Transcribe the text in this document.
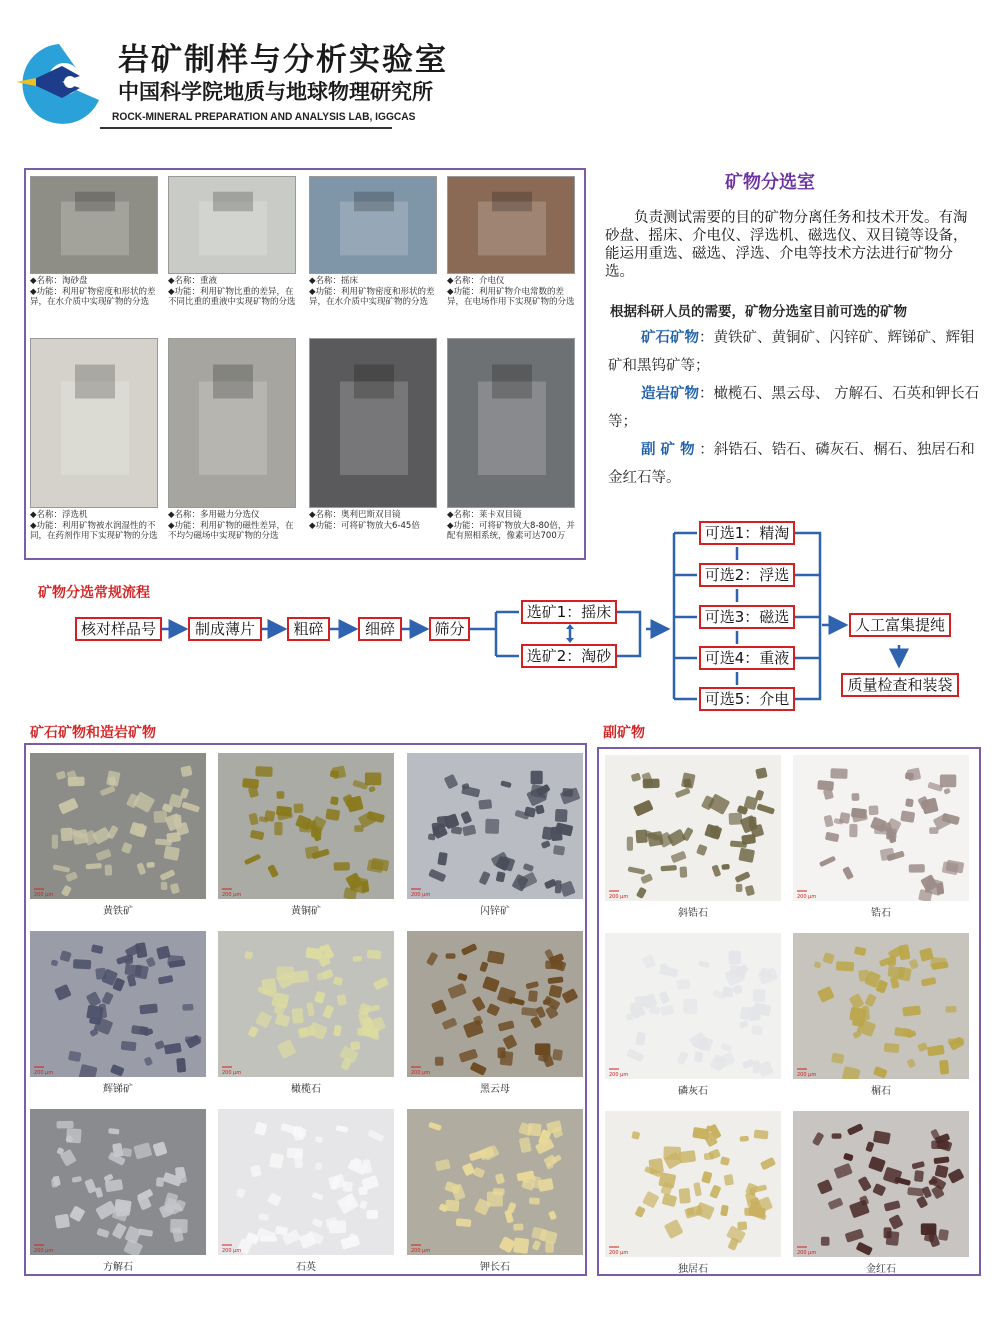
岩矿制样与分析实验室
中国科学院地质与地球物理研究所
ROCK-MINERAL PREPARATION AND ANALYSIS LAB, IGGCAS
◆名称：淘砂盘
◆功能：利用矿物密度和形状的差异，在水介质中实现矿物的分选
◆名称：重液
◆功能：利用矿物比重的差异，在不同比重的重液中实现矿物的分选
◆名称：摇床
◆功能：利用矿物密度和形状的差异，在水介质中实现矿物的分选
◆名称：介电仪
◆功能：利用矿物介电常数的差异，在电场作用下实现矿物的分选
◆名称：浮选机
◆功能：利用矿物被水润湿性的不同，在药剂作用下实现矿物的分选
◆名称：多用磁力分选仪
◆功能：利用矿物的磁性差异，在不均匀磁场中实现矿物的分选
◆名称：奥利巴斯双目镜
◆功能：可将矿物放大6-45倍
◆名称：莱卡双目镜
◆功能：可将矿物放大8-80倍，并配有照相系统，像素可达700万
矿物分选室
负责测试需要的目的矿物分离任务和技术开发。有淘砂盘、摇床、介电仪、浮选机、磁选仪、双目镜等设备，能运用重选、磁选、浮选、介电等技术方法进行矿物分选。
根据科研人员的需要，矿物分选室目前可选的矿物
矿石矿物：黄铁矿、黄铜矿、闪锌矿、辉锑矿、辉钼矿和黑钨矿等；
造岩矿物：橄榄石、黑云母、 方解石、石英和钾长石等；
副 矿 物 ：斜锆石、锆石、磷灰石、榍石、独居石和金红石等。
矿物分选常规流程
核对样品号	制成薄片	粗碎	细碎	筛分
选矿1：摇床
选矿2：淘砂
可选1：精淘
可选2：浮选
可选3：磁选
可选4：重液
可选5：介电
人工富集提纯
质量检查和装袋
矿石矿物和造岩矿物
200 μm
黄铁矿
200 μm
黄铜矿
200 μm
闪锌矿
200 μm
辉锑矿
200 μm
橄榄石
200 μm
黑云母
200 μm
方解石
200 μm
石英
200 μm
钾长石
副矿物
200 μm
斜锆石
200 μm
锆石
200 μm
磷灰石
200 μm
榍石
200 μm
独居石
200 μm
金红石
